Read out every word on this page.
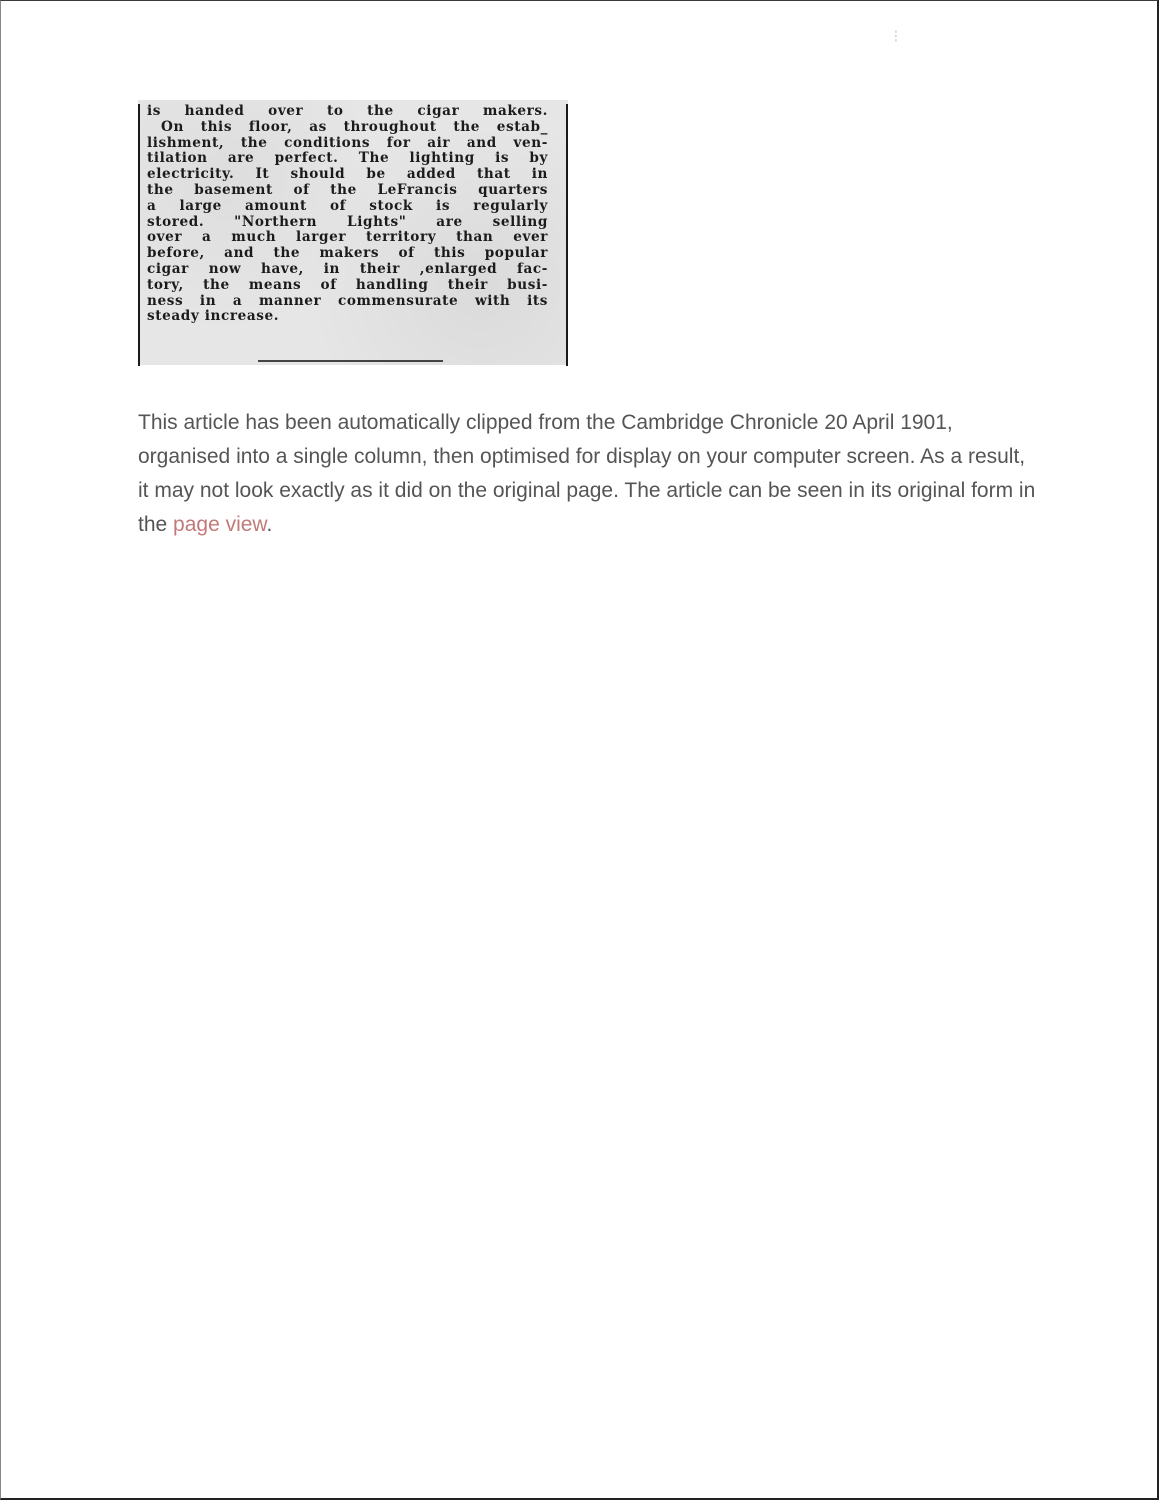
⁝
is handed over to the cigar makers.
On this floor, as throughout the estab_
lishment, the conditions for air and ven-
tilation are perfect. The lighting is by
electricity. It should be added that in
the basement of the LeFrancis quarters
a large amount of stock is regularly
stored. "Northern Lights" are selling
over a much larger territory than ever
before, and the makers of this popular
cigar now have, in their ,enlarged fac-
tory, the means of handling their busi-
ness in a manner commensurate with its
steady increase.

This article has been automatically clipped from the Cambridge Chronicle 20 April 1901, organised into a single column, then optimised for display on your computer screen. As a result, it may not look exactly as it did on the original page. The article can be seen in its original form in the page view.
